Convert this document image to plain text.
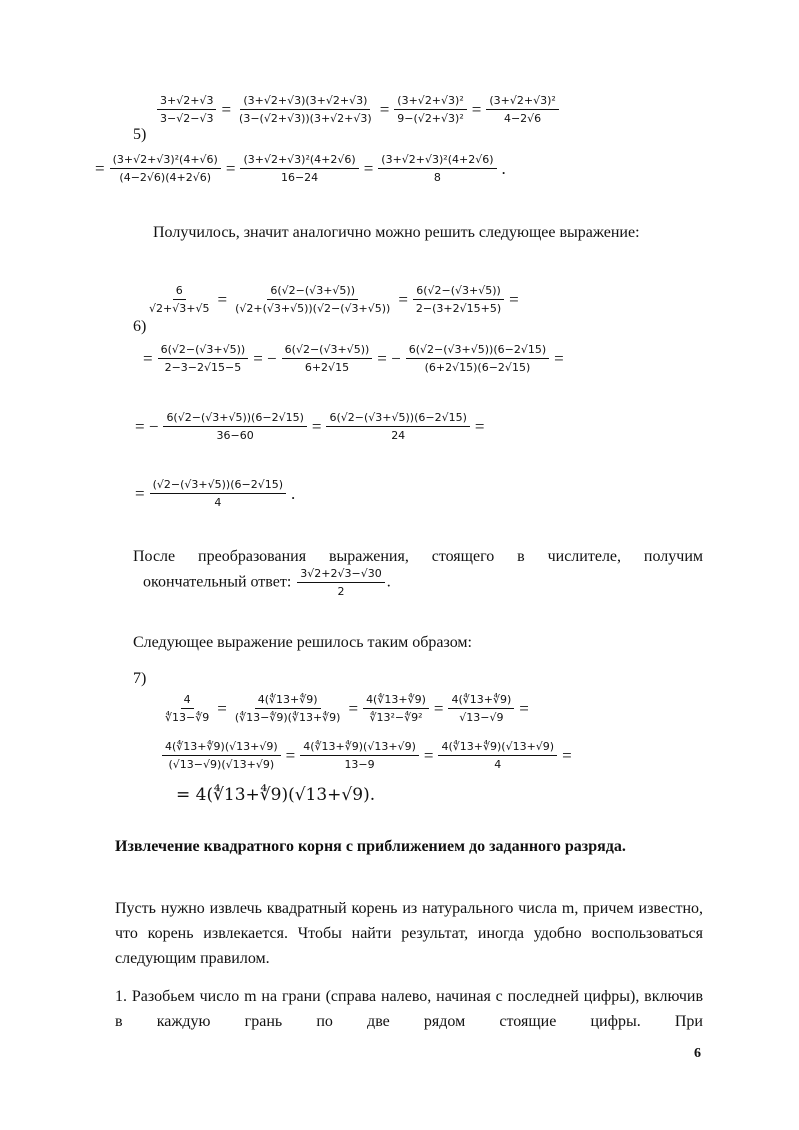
5)
$\frac{3+√2+√3}{3-√2-√3} = \frac{(3+√2+√3)(3+√2+√3)}{(3-(√2+√3))(3+√2+√3)} = \frac{\text{(3+√2+√3)²}}{\text{9−(√2+√3)²}} = \frac{\text{(3+√2+√3)²}}{4-2√6}$
= $\frac{\text{(3+√2+√3)²(4+√6)}}{(4-2√6)(4+2√6)} = \frac{\text{(3+√2+√3)²(4+2√6)}}{16-24} = \frac{\text{(3+√2+√3)²(4+2√6)}}{8}$ .
Получилось, значит аналогично можно решить следующее выражение:
6)
$\frac{6}{√2+√3+√5} = \frac{6(√2-(√3+√5))}{(√2+(√3+√5))(√2-(√3+√5))} = \frac{6(√2-(√3+√5))}{2-(3+2√15+5)}$ =
= $\frac{6(√2-(√3+√5))}{2-3-2√15-5}$ = − $\frac{6(√2-(√3+√5))}{6+2√15}$ = − $\frac{6(√2-(√3+√5))(6-2√15)}{(6+2√15)(6-2√15)}$ =
= − $\frac{6(√2-(√3+√5))(6-2√15)}{36-60} = \frac{6(√2-(√3+√5))(6-2√15)}{24}$ =
= $\frac{(√2-(√3+√5))(6-2√15)}{4}$ .
После преобразования выражения, стоящего в числителе, получим
окончательный ответ: $\frac{3√2+2√3-√30}{2}$ .
Следующее выражение решилось таким образом:
7)
$\frac{4}{∜13-∜9} = \frac{4(∜13+∜9)}{(∜13-∜9)(∜13+∜9)} = \frac{4(∜13+∜9)}{\text{∜13²−∜9²}} = \frac{4(∜13+∜9)}{√13-√9}$ =
$\frac{4(∜13+∜9)(√13+√9)}{(√13-√9)(√13+√9)} = \frac{4(∜13+∜9)(√13+√9)}{13-9} = \frac{4(∜13+∜9)(√13+√9)}{4}$ =
= 4(∜13+∜9)(√13+√9).
Извлечение квадратного корня с приближением до заданного разряда.
Пусть нужно извлечь квадратный корень из натурального числа m, причем известно, что корень извлекается. Чтобы найти результат, иногда удобно воспользоваться следующим правилом.
1. Разобьем число m на грани (справа налево, начиная с последней цифры), включив в каждую грань по две рядом стоящие цифры. При
6
